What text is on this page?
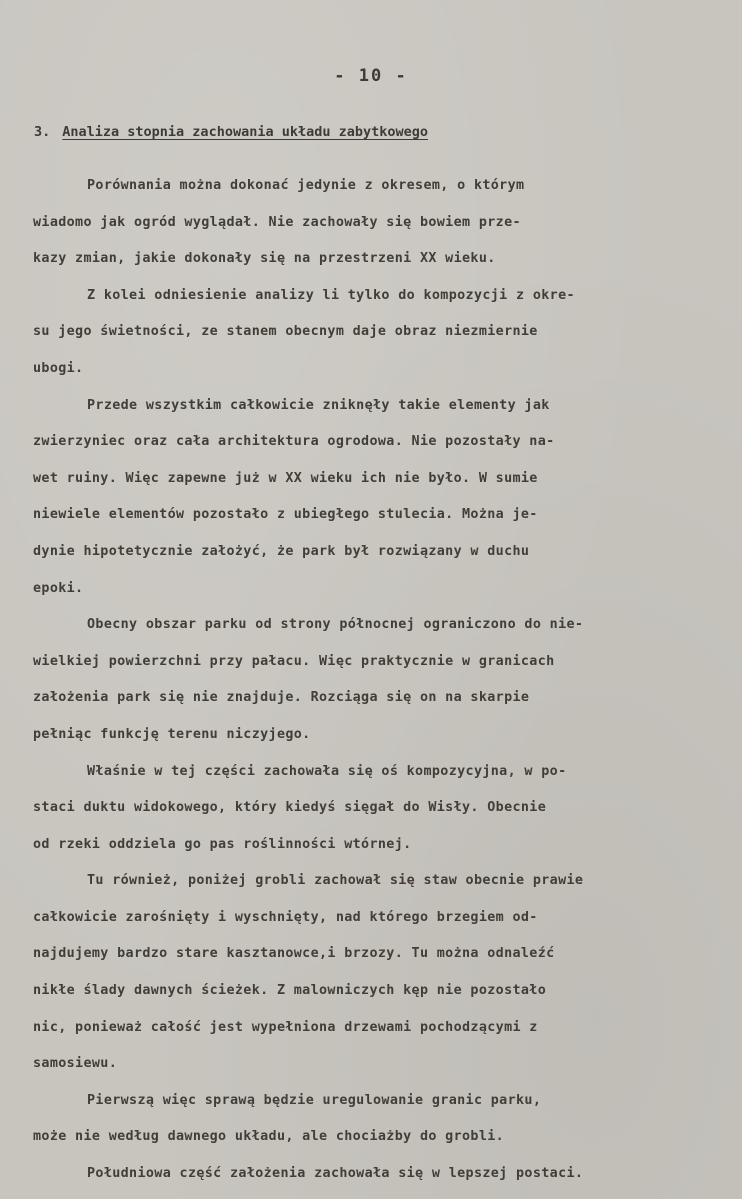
- 10 -
3. Analiza stopnia zachowania układu zabytkowego
Porównania można dokonać jedynie z okresem, o którym
wiadomo jak ogród wyglądał. Nie zachowały się bowiem prze-
kazy zmian, jakie dokonały się na przestrzeni XX wieku.
Z kolei odniesienie analizy li tylko do kompozycji z okre-
su jego świetności, ze stanem obecnym daje obraz niezmiernie
ubogi.
Przede wszystkim całkowicie zniknęły takie elementy jak
zwierzyniec oraz cała architektura ogrodowa. Nie pozostały na-
wet ruiny. Więc zapewne już w XX wieku ich nie było. W sumie
niewiele elementów pozostało z ubiegłego stulecia. Można je-
dynie hipotetycznie założyć, że park był rozwiązany w duchu
epoki.
Obecny obszar parku od strony północnej ograniczono do nie-
wielkiej powierzchni przy pałacu. Więc praktycznie w granicach
założenia park się nie znajduje. Rozciąga się on na skarpie
pełniąc funkcję terenu niczyjego.
Właśnie w tej części zachowała się oś kompozycyjna, w po-
staci duktu widokowego, który kiedyś sięgał do Wisły. Obecnie
od rzeki oddziela go pas roślinności wtórnej.
Tu również, poniżej grobli zachował się staw obecnie prawie
całkowicie zarośnięty i wyschnięty, nad którego brzegiem od-
najdujemy bardzo stare kasztanowce,i brzozy. Tu można odnaleźć
nikłe ślady dawnych ścieżek. Z malowniczych kęp nie pozostało
nic, ponieważ całość jest wypełniona drzewami pochodzącymi z
samosiewu.
Pierwszą więc sprawą będzie uregulowanie granic parku,
może nie według dawnego układu, ale chociażby do grobli.
Południowa część założenia zachowała się w lepszej postaci.
